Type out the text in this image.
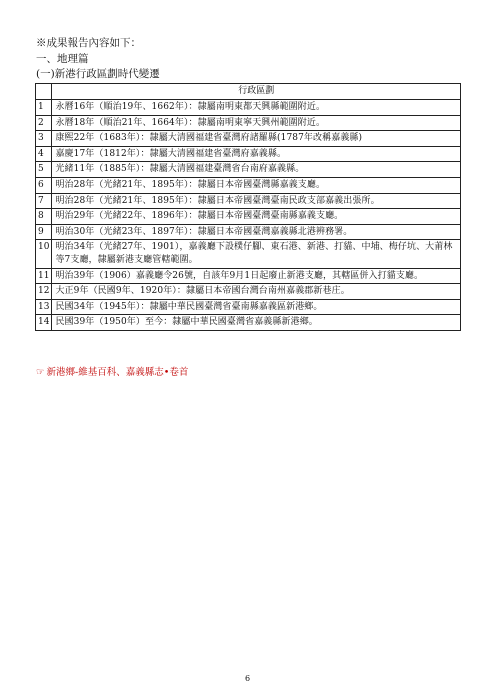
※成果報告內容如下：
一、地理篇
(一)新港行政區劃時代變遷
	行政區劃
1	永曆16年（順治19年、1662年）：隸屬南明東都天興縣範圍附近。
2	永曆18年（順治21年、1664年）：隸屬南明東寧天興州範圍附近。
3	康熙22年（1683年）：隸屬大清國福建省臺灣府諸羅縣(1787年改稱嘉義縣)
4	嘉慶17年（1812年）：隸屬大清國福建省臺灣府嘉義縣。
5	光緒11年（1885年）：隸屬大清國福建臺灣省台南府嘉義縣。
6	明治28年（光緒21年、1895年）：隸屬日本帝國臺灣縣嘉義支廳。
7	明治28年（光緒21年、1895年）：隸屬日本帝國臺灣臺南民政支部嘉義出張所。
8	明治29年（光緒22年、1896年）：隸屬日本帝國臺灣臺南縣嘉義支廳。
9	明治30年（光緒23年、1897年）：隸屬日本帝國臺灣嘉義縣北港辨務署。
10	明治34年（光緒27年、1901），嘉義廳下設樸仔腳、東石港、新港、打貓、中埔、梅仔坑、大莆林等7支廳，隸屬新港支廳管轄範圍。
11	明治39年（1906）嘉義廳令26號，自該年9月1日起廢止新港支廳，其轄區併入打貓支廳。
12	大正9年（民國9年、1920年）：隸屬日本帝國台灣台南州嘉義郡新巷庄。
13	民國34年（1945年）：隸屬中華民國臺灣省臺南縣嘉義區新港鄉。
14	民國39年（1950年）至今：隸屬中華民國臺灣省嘉義縣新港鄉。
☞ 新港鄉-維基百科、嘉義縣志•卷首
6
